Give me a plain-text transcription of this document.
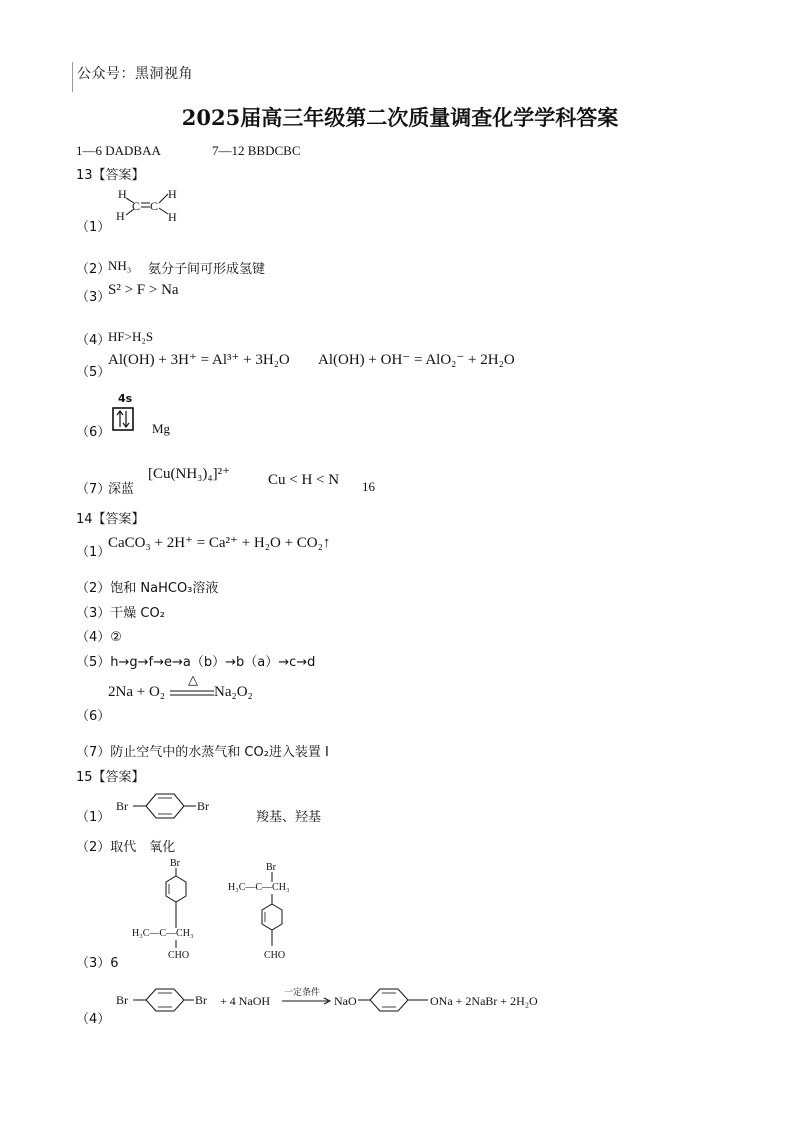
公众号：黑洞视角
2025届高三年级第二次质量调查化学学科答案
1—6 DADBAA	7—12 BBDCBC
13【答案】
（1）
H
H
C C
H
H
（2）
NH₃ 氨分子间可形成氢键
（3）
S² > F > Na
（4）
HF>H₂S
（5）
Al(OH) + 3H⁺ = Al³⁺ + 3H₂O Al(OH) + OH⁻ = AlO₂⁻ + 2H₂O
（6）
4s
Mg
（7）
深蓝
[Cu(NH₃)₄]²⁺	Cu < H < N 16
14【答案】
（1）
CaCO₃ + 2H⁺ = Ca²⁺ + H₂O + CO₂↑
（2）饱和 NaHCO₃溶液
（3）干燥 CO₂
（4）②
（5）h→g→f→e→a（b）→b（a）→c→d
2Na + O₂
△
Na₂O₂
（6）
（7）防止空气中的水蒸气和 CO₂进入装置 I
15【答案】
（1）
Br	Br
羧基、羟基
（2）取代　氧化
Br
H₃C—C—CH₃
CHO
Br
H₃C—C—CH₃
CHO
（3）6
Br	Br + 4 NaOH
一定条件
→ NaO	ONa + 2NaBr + 2H₂O
（4）
